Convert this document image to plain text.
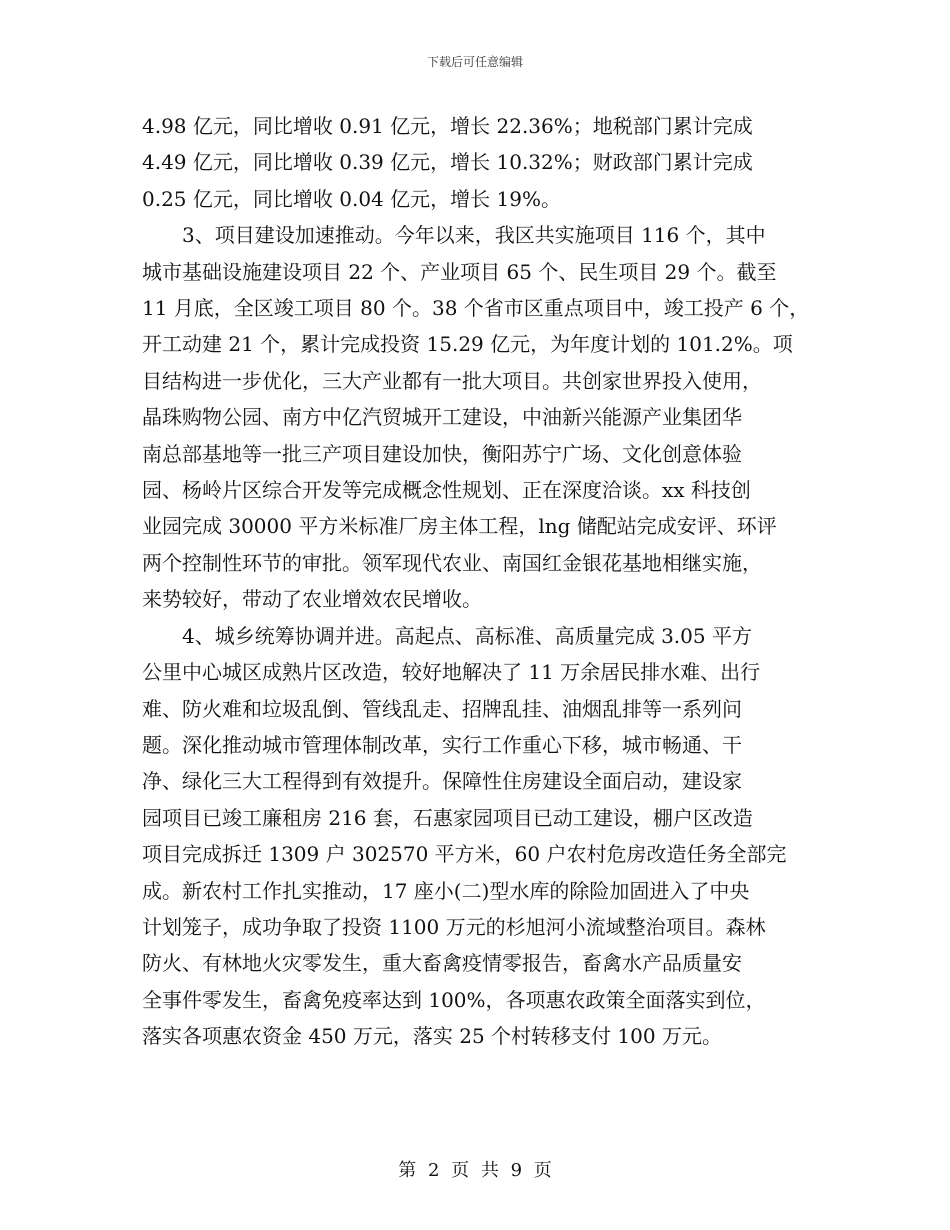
下载后可任意编辑

4.98 亿元，同比增收 0.91 亿元，增长 22.36%；地税部门累计完成

4.49 亿元，同比增收 0.39 亿元，增长 10.32%；财政部门累计完成

0.25 亿元，同比增收 0.04 亿元，增长 19%。

　　3、项目建设加速推动。今年以来，我区共实施项目 116 个，其中

城市基础设施建设项目 22 个、产业项目 65 个、民生项目 29 个。截至

11 月底，全区竣工项目 80 个。38 个省市区重点项目中，竣工投产 6 个，

开工动建 21 个，累计完成投资 15.29 亿元，为年度计划的 101.2%。项

目结构进一步优化，三大产业都有一批大项目。共创家世界投入使用，

晶珠购物公园、南方中亿汽贸城开工建设，中油新兴能源产业集团华

南总部基地等一批三产项目建设加快，衡阳苏宁广场、文化创意体验

园、杨岭片区综合开发等完成概念性规划、正在深度洽谈。xx 科技创

业园完成 30000 平方米标准厂房主体工程，lng 储配站完成安评、环评

两个控制性环节的审批。领军现代农业、南国红金银花基地相继实施，

来势较好，带动了农业增效农民增收。

　　4、城乡统筹协调并进。高起点、高标准、高质量完成 3.05 平方

公里中心城区成熟片区改造，较好地解决了 11 万余居民排水难、出行

难、防火难和垃圾乱倒、管线乱走、招牌乱挂、油烟乱排等一系列问

题。深化推动城市管理体制改革，实行工作重心下移，城市畅通、干

净、绿化三大工程得到有效提升。保障性住房建设全面启动，建设家

园项目已竣工廉租房 216 套，石惠家园项目已动工建设，棚户区改造

项目完成拆迁 1309 户 302570 平方米，60 户农村危房改造任务全部完

成。新农村工作扎实推动，17 座小(二)型水库的除险加固进入了中央

计划笼子，成功争取了投资 1100 万元的杉旭河小流域整治项目。森林

防火、有林地火灾零发生，重大畜禽疫情零报告，畜禽水产品质量安

全事件零发生，畜禽免疫率达到 100%，各项惠农政策全面落实到位，

落实各项惠农资金 450 万元，落实 25 个村转移支付 100 万元。

第 2 页 共 9 页
